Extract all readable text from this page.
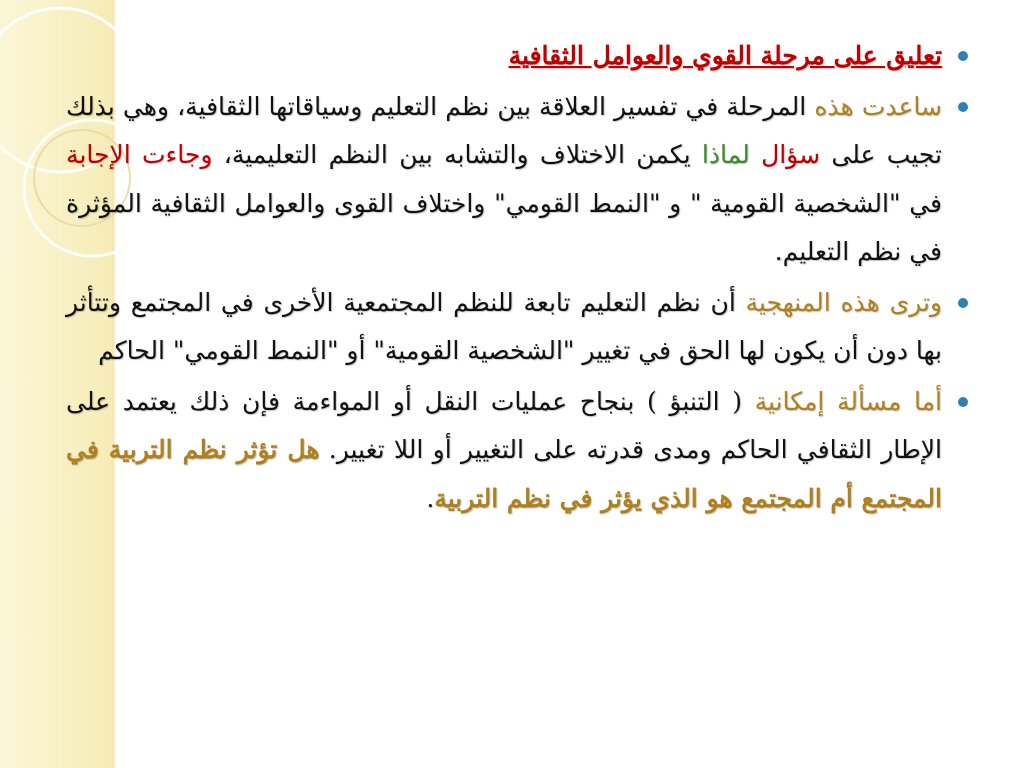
تعليق على مرحلة القوي والعوامل الثقافية
ساعدت هذه المرحلة في تفسير العلاقة بين نظم التعليم وسياقاتها الثقافية، وهي بذلك تجيب على سؤال لماذا يكمن الاختلاف والتشابه بين النظم التعليمية، وجاءت الإجابة في "الشخصية القومية " و "النمط القومي" واختلاف القوى والعوامل الثقافية المؤثرة في نظم التعليم.
وترى هذه المنهجية أن نظم التعليم تابعة للنظم المجتمعية الأخرى في المجتمع وتتأثر بها دون أن يكون لها الحق في تغيير "الشخصية القومية" أو "النمط القومي" الحاكم
أما مسألة إمكانية ( التنبؤ ) بنجاح عمليات النقل أو المواءمة فإن ذلك يعتمد على الإطار الثقافي الحاكم ومدى قدرته على التغيير أو اللا تغيير. هل تؤثر نظم التربية في المجتمع أم المجتمع هو الذي يؤثر في نظم التربية.
